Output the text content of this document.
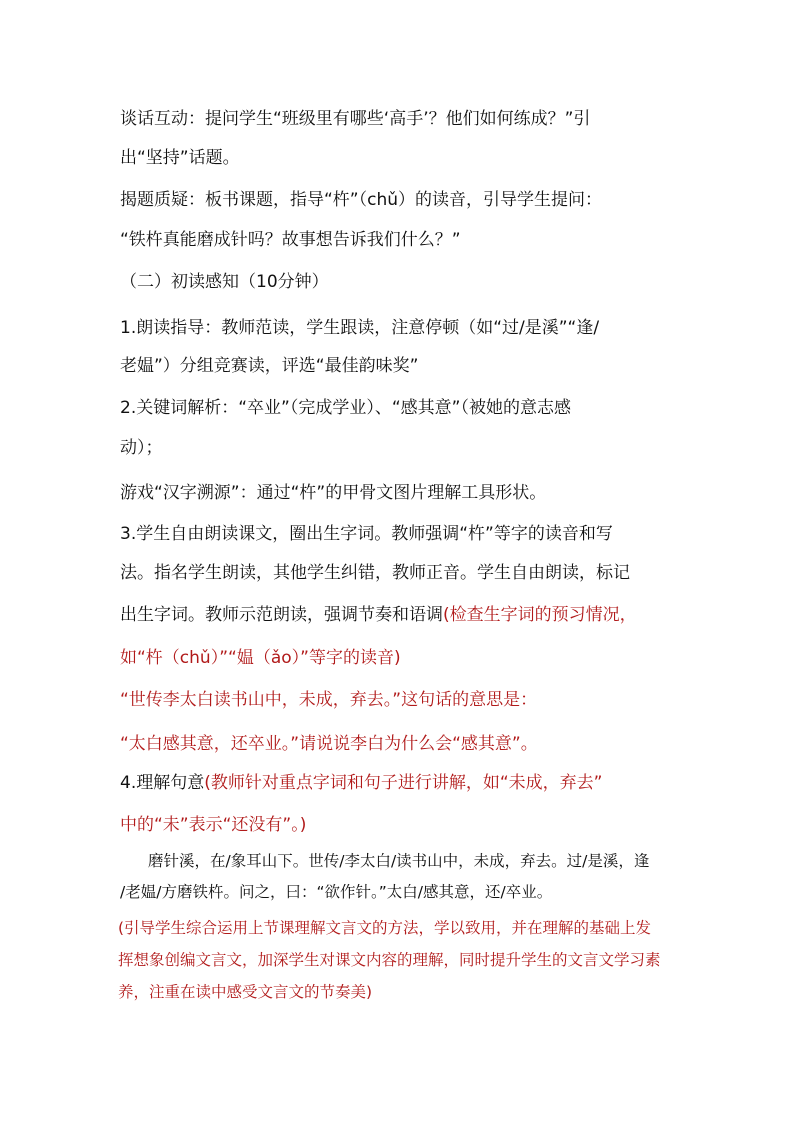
谈话互动：提问学生“班级里有哪些‘高手’？他们如何练成？”引
出“坚持”话题。
揭题质疑：板书课题，指导“杵”（chǔ）的读音，引导学生提问：
“铁杵真能磨成针吗？故事想告诉我们什么？”
（二）初读感知（10分钟）
1.朗读指导：教师范读，学生跟读，注意停顿（如“过/是溪”“逢/
老媪”）分组竞赛读，评选“最佳韵味奖”
2.关键词解析：“卒业”（完成学业）、“感其意”（被她的意志感
动）；
游戏“汉字溯源”：通过“杵”的甲骨文图片理解工具形状。
3.学生自由朗读课文，圈出生字词。教师强调“杵”等字的读音和写
法。指名学生朗读，其他学生纠错，教师正音。学生自由朗读，标记
出生字词。教师示范朗读，强调节奏和语调(检查生字词的预习情况，
如“杵（chǔ）”“媪（ǎo）”等字的读音)
“世传李太白读书山中，未成，弃去。”这句话的意思是：
“太白感其意，还卒业。”请说说李白为什么会“感其意”。
4.理解句意(教师针对重点字词和句子进行讲解，如“未成，弃去”
中的“未”表示“还没有”。)
磨针溪，在/象耳山下。世传/李太白/读书山中，未成，弃去。过/是溪，逢
/老媪/方磨铁杵。问之，曰：“欲作针。”太白/感其意，还/卒业。
(引导学生综合运用上节课理解文言文的方法，学以致用，并在理解的基础上发
挥想象创编文言文，加深学生对课文内容的理解，同时提升学生的文言文学习素
养，注重在读中感受文言文的节奏美)
